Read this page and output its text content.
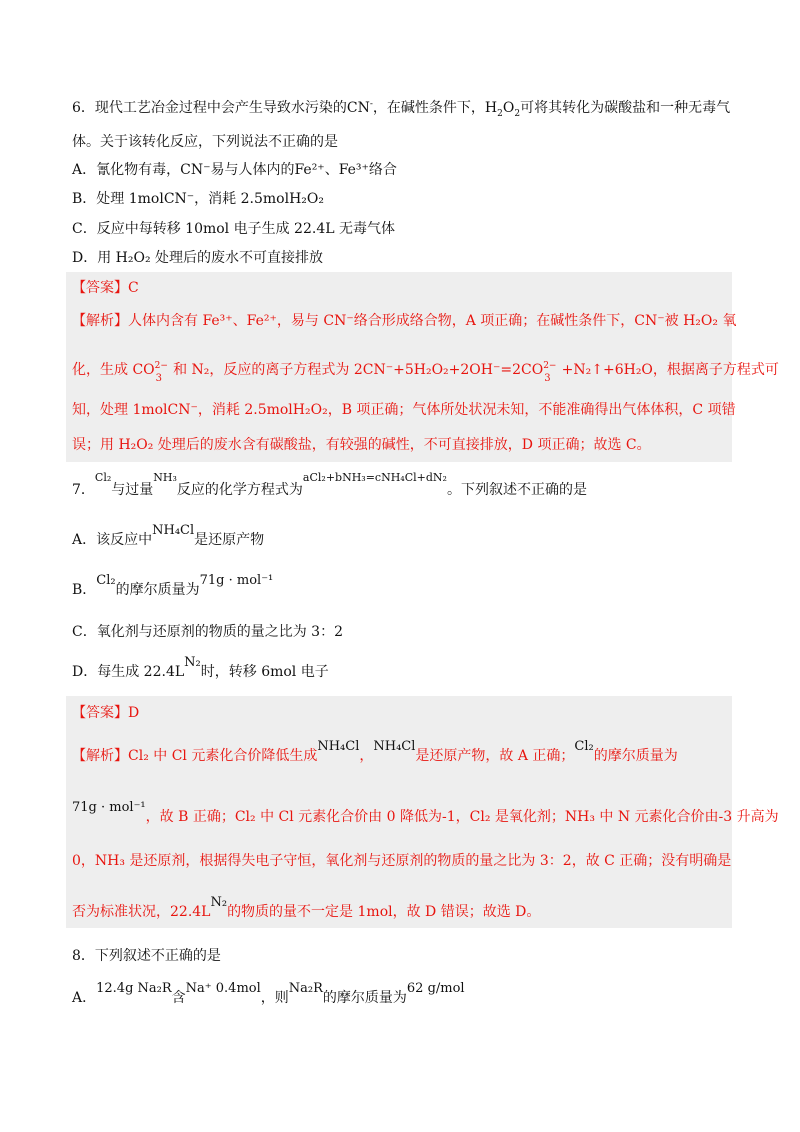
6．现代工艺冶金过程中会产生导致水污染的CN-，在碱性条件下，$H_2O_2$可将其转化为碳酸盐和一种无毒气
体。关于该转化反应，下列说法不正确的是
A．氰化物有毒，CN⁻易与人体内的Fe²⁺、Fe³⁺络合
B．处理 1molCN⁻，消耗 2.5molH₂O₂
C．反应中每转移 10mol 电子生成 22.4L 无毒气体
D．用 H₂O₂ 处理后的废水不可直接排放
【答案】C
【解析】人体内含有 Fe³⁺、Fe²⁺，易与 CN⁻络合形成络合物，A 项正确；在碱性条件下，CN⁻被 H₂O₂ 氧
化，生成 CO 2−
3
和 N₂，反应的离子方程式为 2CN⁻+5H₂O₂+2OH⁻=2CO 2−
3
+N₂↑+6H₂O，根据离子方程式可
知，处理 1molCN⁻，消耗 2.5molH₂O₂，B 项正确；气体所处状况未知，不能准确得出气体体积，C 项错
误；用 H₂O₂ 处理后的废水含有碳酸盐，有较强的碱性，不可直接排放，D 项正确；故选 C。
7．$^{Cl_2}$与过量$^{NH_3}$反应的化学方程式为$^{aCl_2+bNH_3=cNH_4Cl+dN_2}$。下列叙述不正确的是
A．该反应中NH₄Cl是还原产物
B．Cl₂的摩尔质量为71g · mol⁻¹
C．氧化剂与还原剂的物质的量之比为 3：2
D．每生成 22.4LN₂时，转移 6mol 电子
【答案】D
【解析】Cl₂ 中 Cl 元素化合价降低生成NH₄Cl，NH₄Cl是还原产物，故 A 正确；Cl₂的摩尔质量为
71g · mol⁻¹，故 B 正确；Cl₂ 中 Cl 元素化合价由 0 降低为-1，Cl₂ 是氧化剂；NH₃ 中 N 元素化合价由-3 升高为
0，NH₃ 是还原剂，根据得失电子守恒，氧化剂与还原剂的物质的量之比为 3：2，故 C 正确；没有明确是
否为标准状况，22.4LN₂的物质的量不一定是 1mol，故 D 错误；故选 D。
8．下列叙述不正确的是
A．12.4g Na₂R含Na⁺ 0.4mol，则Na₂R的摩尔质量为62 g/mol
